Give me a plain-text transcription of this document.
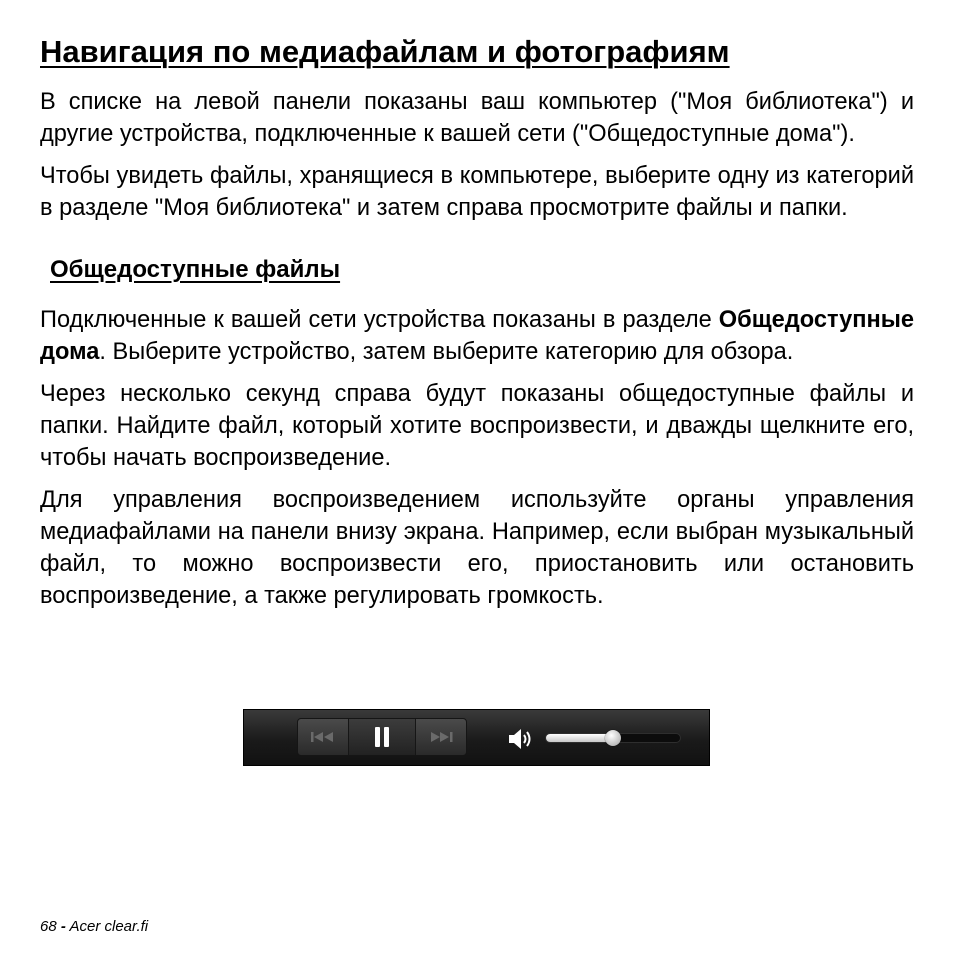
Навигация по медиафайлам и фотографиям

В списке на левой панели показаны ваш компьютер ("Моя библиотека") и другие устройства, подключенные к вашей сети ("Общедоступные дома").

Чтобы увидеть файлы, хранящиеся в компьютере, выберите одну из категорий в разделе "Моя библиотека" и затем справа просмотрите файлы и папки.

Общедоступные файлы

Подключенные к вашей сети устройства показаны в разделе Общедоступные дома. Выберите устройство, затем выберите категорию для обзора.

Через несколько секунд справа будут показаны общедоступные файлы и папки. Найдите файл, который хотите воспроизвести, и дважды щелкните его, чтобы начать воспроизведение.

Для управления воспроизведением используйте органы управления медиафайлами на панели внизу экрана. Например, если выбран музыкальный файл, то можно воспроизвести его, приостановить или остановить воспроизведение, а также регулировать громкость.

68 - Acer clear.fi
